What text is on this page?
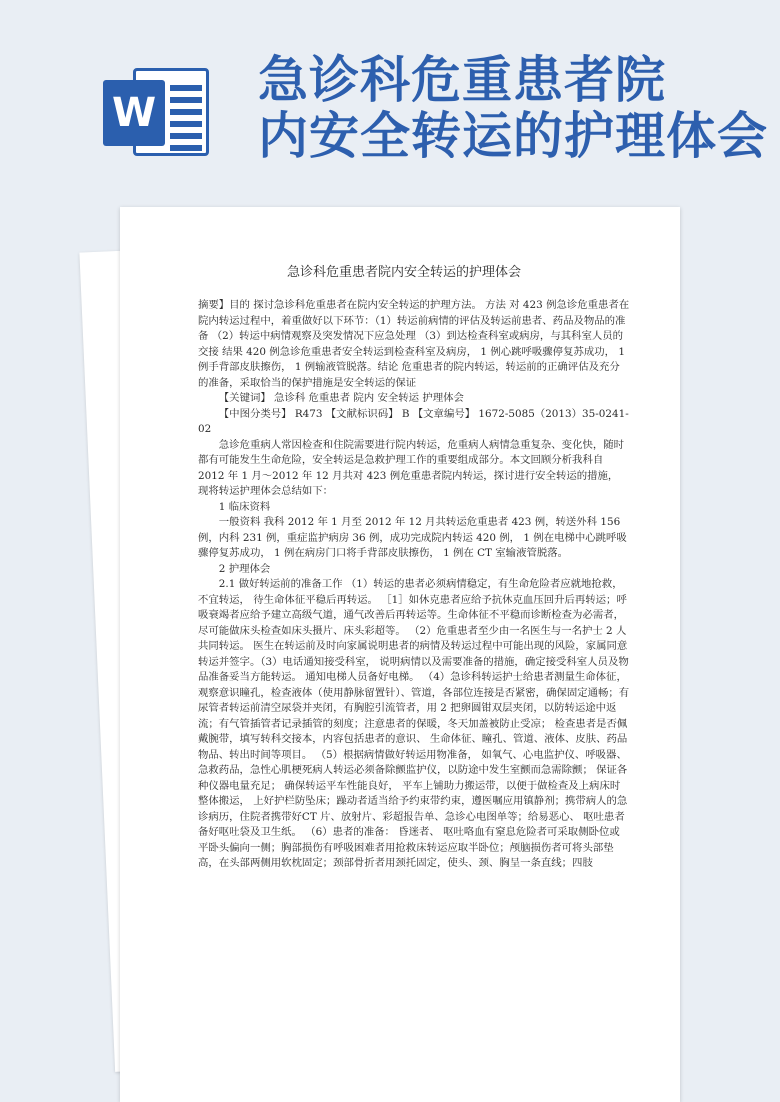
W
急诊科危重患者院
内安全转运的护理体会
急诊科危重患者院内安全转运的护理体会

摘要】目的 探讨急诊科危重患者在院内安全转运的护理方法。 方法 对 423 例急诊危重患者在院内转运过程中，着重做好以下环节：（1）转运前病情的评估及转运前患者、药品及物品的准备 （2）转运中病情观察及突发情况下应急处理 （3）到达检查科室或病房，与其科室人员的交接 结果 420 例急诊危重患者安全转运到检查科室及病房， 1 例心跳呼吸骤停复苏成功， 1 例手背部皮肤擦伤， 1 例输液管脱落。结论 危重患者的院内转运，转运前的正确评估及充分的准备，采取恰当的保护措施是安全转运的保证

【关键词】 急诊科 危重患者 院内 安全转运 护理体会

【中图分类号】 R473 【文献标识码】 B 【文章编号】 1672-5085（2013）35-0241-02

急诊危重病人常因检查和住院需要进行院内转运，危重病人病情急重复杂、变化快，随时都有可能发生生命危险，安全转运是急救护理工作的重要组成部分。本文回顾分析我科自 2012 年 1 月～2012 年 12 月共对 423 例危重患者院内转运，探讨进行安全转运的措施， 现将转运护理体会总结如下：

1 临床资料

一般资料 我科 2012 年 1 月至 2012 年 12 月共转运危重患者 423 例，转送外科 156 例，内科 231 例，重症监护病房 36 例，成功完成院内转运 420 例， 1 例在电梯中心跳呼吸骤停复苏成功， 1 例在病房门口将手背部皮肤擦伤， 1 例在 CT 室输液管脱落。

2 护理体会

2.1 做好转运前的准备工作 （1）转运的患者必须病情稳定，有生命危险者应就地抢救，不宜转运， 待生命体征平稳后再转运。 ［1］如休克患者应给予抗休克血压回升后再转运；呼吸衰竭者应给予建立高级气道，通气改善后再转运等。生命体征不平稳而诊断检查为必需者， 尽可能做床头检查如床头摄片、床头彩超等。 （2）危重患者至少由一名医生与一名护士 2 人共同转运。 医生在转运前及时向家属说明患者的病情及转运过程中可能出现的风险，家属同意转运并签字。（3）电话通知接受科室， 说明病情以及需要准备的措施，确定接受科室人员及物品准备妥当方能转运。 通知电梯人员备好电梯。 （4）急诊科转运护士给患者测量生命体征，观察意识瞳孔，检查液体（使用静脉留置针）、管道，各部位连接是否紧密，确保固定通畅；有尿管者转运前清空尿袋并夹闭，有胸腔引流管者，用 2 把卵圆钳双层夹闭，以防转运途中返流；有气管插管者记录插管的刻度；注意患者的保暖，冬天加盖被防止受凉； 检查患者是否佩戴腕带，填写转科交接本，内容包括患者的意识、 生命体征、瞳孔、管道、液体、皮肤、药品物品、转出时间等项目。 （5）根据病情做好转运用物准备， 如氧气、心电监护仪、呼吸器、急救药品，急性心肌梗死病人转运必须备除颤监护仪，以防途中发生室颤而急需除颤； 保证各种仪器电量充足； 确保转运平车性能良好， 平车上铺助力搬运带，以便于做检查及上病床时整体搬运， 上好护栏防坠床；躁动者适当给予约束带约束，遵医嘱应用镇静剂；携带病人的急诊病历，住院者携带好CT 片、放射片、彩超报告单、急诊心电图单等；给易恶心、 呕吐患者备好呕吐袋及卫生纸。 （6）患者的准备： 昏迷者、 呕吐咯血有窒息危险者可采取侧卧位或平卧头偏向一侧；胸部损伤有呼吸困难者用抢救床转运应取半卧位；颅脑损伤者可将头部垫高，在头部两侧用软枕固定；颈部骨折者用颈托固定，使头、颈、胸呈一条直线；四肢
